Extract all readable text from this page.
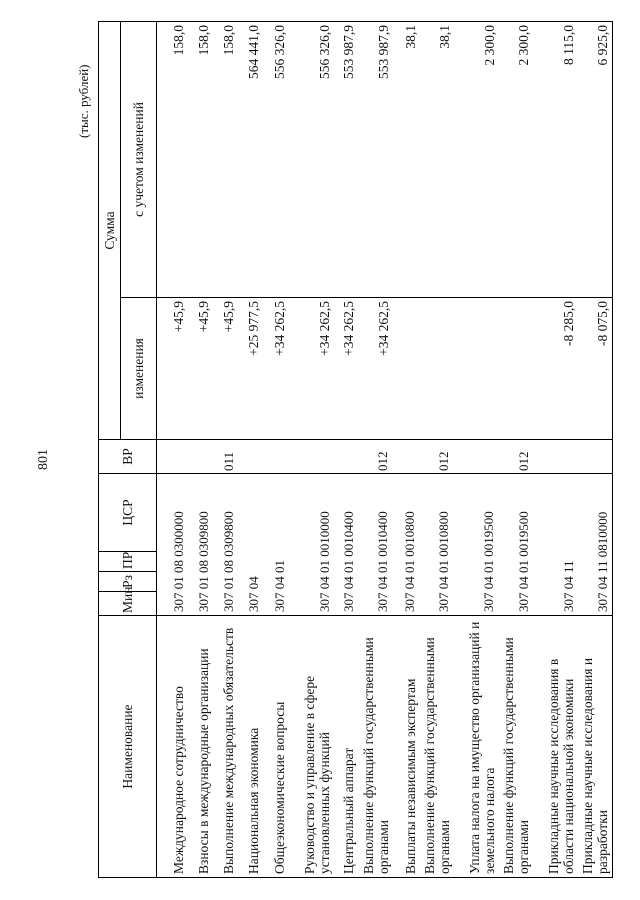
801
(тыс. рублей)
Наименование	Мин	Рз	ПР	ЦСР	ВР	Сумма	
						изменения	с учетом изменений
Международное сотрудничество	307 01 08 0300000					+45,9	158,0
Взносы в международные организации	307 01 08 0309800					+45,9	158,0
Выполнение международных обязательств	307 01 08 0309800				011	+45,9	158,0
Национальная экономика	307 04					+25 977,5	564 441,0
Общеэкономические вопросы	307 04 01					+34 262,5	556 326,0
Руководство и управление в сфере установленных функций	307 04 01 0010000					+34 262,5	556 326,0
Центральный аппарат	307 04 01 0010400					+34 262,5	553 987,9
Выполнение функций государственными органами	307 04 01 0010400				012	+34 262,5	553 987,9
Выплаты независимым экспертам	307 04 01 0010800						38,1
Выполнение функций государственными органами	307 04 01 0010800				012		38,1
Уплата налога на имущество организаций и земельного налога	307 04 01 0019500						2 300,0
Выполнение функций государственными органами	307 04 01 0019500				012		2 300,0
Прикладные научные исследования в области национальной экономики	307 04 11					-8 285,0	8 115,0
Прикладные научные исследования и разработки	307 04 11 0810000					-8 075,0	6 925,0
